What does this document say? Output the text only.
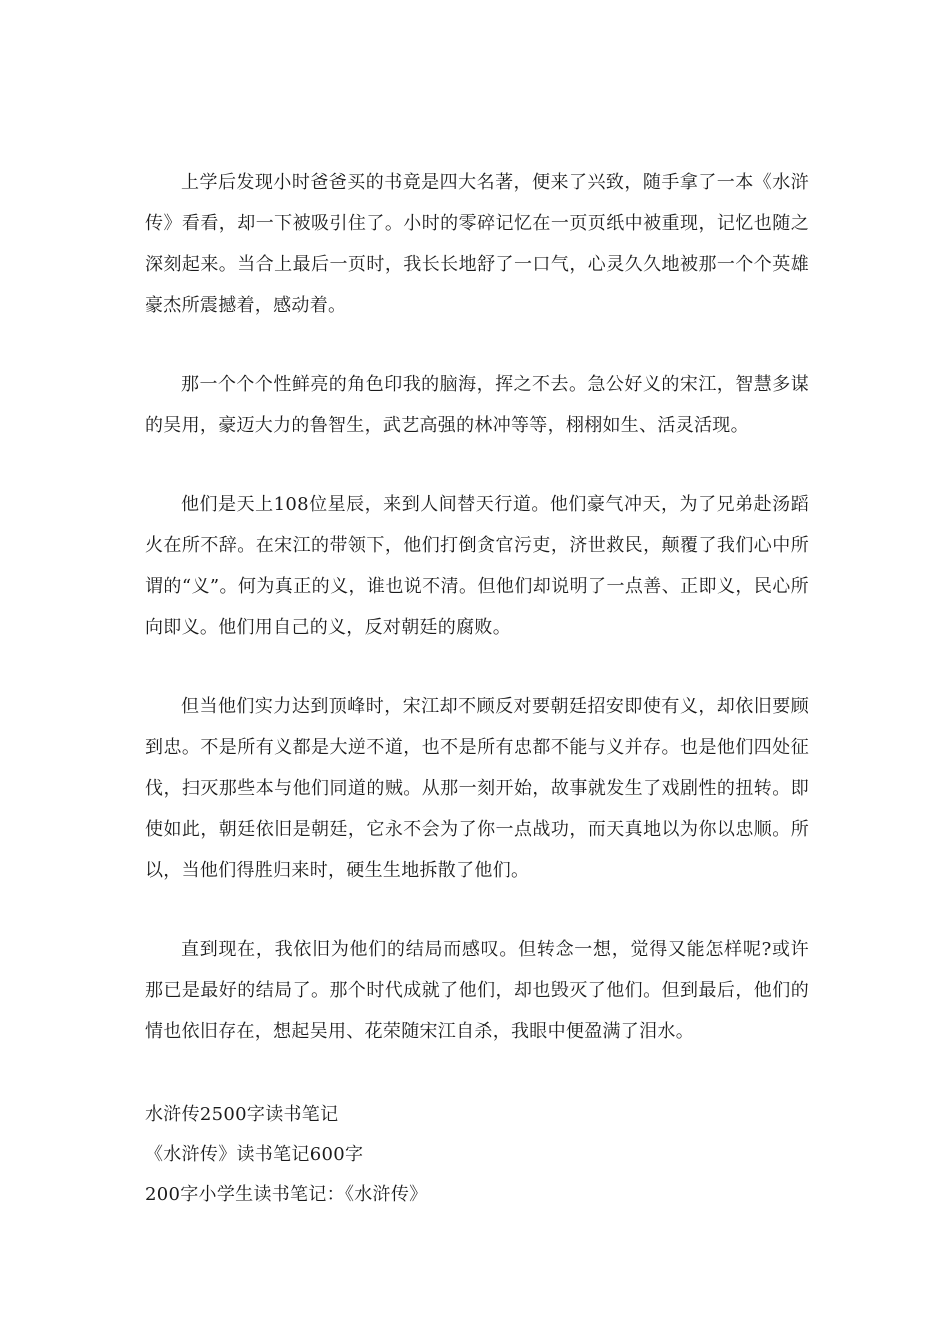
上学后发现小时爸爸买的书竟是四大名著，便来了兴致，随手拿了一本《水浒传》看看，却一下被吸引住了。小时的零碎记忆在一页页纸中被重现，记忆也随之深刻起来。当合上最后一页时，我长长地舒了一口气，心灵久久地被那一个个英雄豪杰所震撼着，感动着。

那一个个个性鲜亮的角色印我的脑海，挥之不去。急公好义的宋江，智慧多谋的吴用，豪迈大力的鲁智生，武艺高强的林冲等等，栩栩如生、活灵活现。

他们是天上108位星辰，来到人间替天行道。他们豪气冲天，为了兄弟赴汤蹈火在所不辞。在宋江的带领下，他们打倒贪官污吏，济世救民，颠覆了我们心中所谓的“义”。何为真正的义，谁也说不清。但他们却说明了一点善、正即义，民心所向即义。他们用自己的义，反对朝廷的腐败。

但当他们实力达到顶峰时，宋江却不顾反对要朝廷招安即使有义，却依旧要顾到忠。不是所有义都是大逆不道，也不是所有忠都不能与义并存。也是他们四处征伐，扫灭那些本与他们同道的贼。从那一刻开始，故事就发生了戏剧性的扭转。即使如此，朝廷依旧是朝廷，它永不会为了你一点战功，而天真地以为你以忠顺。所以，当他们得胜归来时，硬生生地拆散了他们。

直到现在，我依旧为他们的结局而感叹。但转念一想，觉得又能怎样呢?或许那已是最好的结局了。那个时代成就了他们，却也毁灭了他们。但到最后，他们的情也依旧存在，想起吴用、花荣随宋江自杀，我眼中便盈满了泪水。

水浒传2500字读书笔记
《水浒传》读书笔记600字
200字小学生读书笔记：《水浒传》
